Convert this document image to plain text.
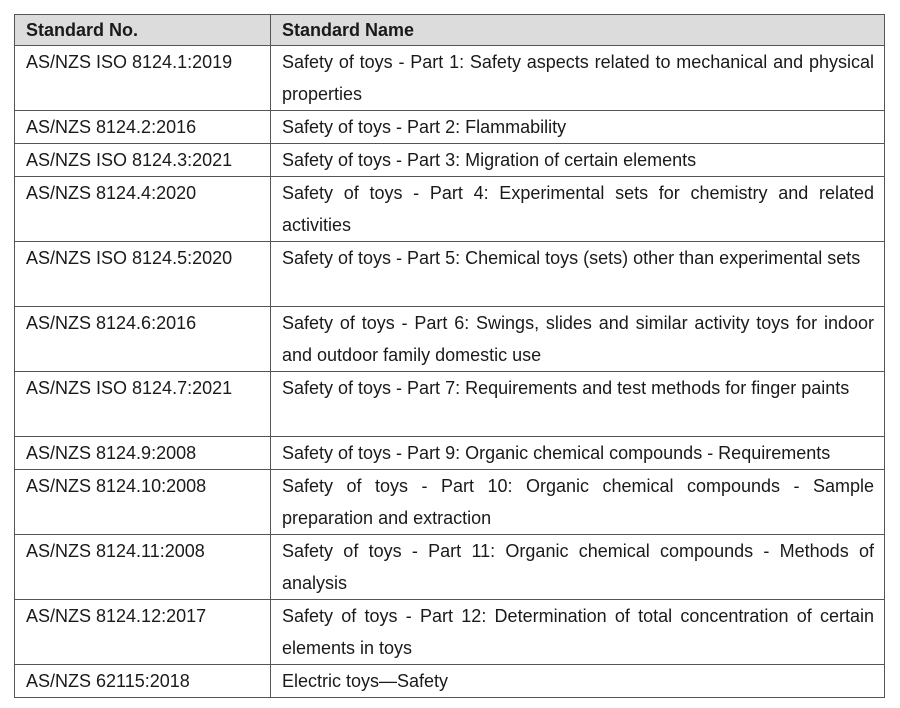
Standard No.	Standard Name
AS/NZS ISO 8124.1:2019	Safety of toys - Part 1: Safety aspects related to mechanical and physical properties
AS/NZS 8124.2:2016	Safety of toys - Part 2: Flammability
AS/NZS ISO 8124.3:2021	Safety of toys - Part 3: Migration of certain elements
AS/NZS 8124.4:2020	Safety of toys - Part 4: Experimental sets for chemistry and related activities
AS/NZS ISO 8124.5:2020	Safety of toys - Part 5: Chemical toys (sets) other than experimental sets
AS/NZS 8124.6:2016	Safety of toys - Part 6: Swings, slides and similar activity toys for indoor and outdoor family domestic use
AS/NZS ISO 8124.7:2021	Safety of toys - Part 7: Requirements and test methods for finger paints
AS/NZS 8124.9:2008	Safety of toys - Part 9: Organic chemical compounds - Requirements
AS/NZS 8124.10:2008	Safety of toys - Part 10: Organic chemical compounds - Sample preparation and extraction
AS/NZS 8124.11:2008	Safety of toys - Part 11: Organic chemical compounds - Methods of analysis
AS/NZS 8124.12:2017	Safety of toys - Part 12: Determination of total concentration of certain elements in toys
AS/NZS 62115:2018	Electric toys—Safety
